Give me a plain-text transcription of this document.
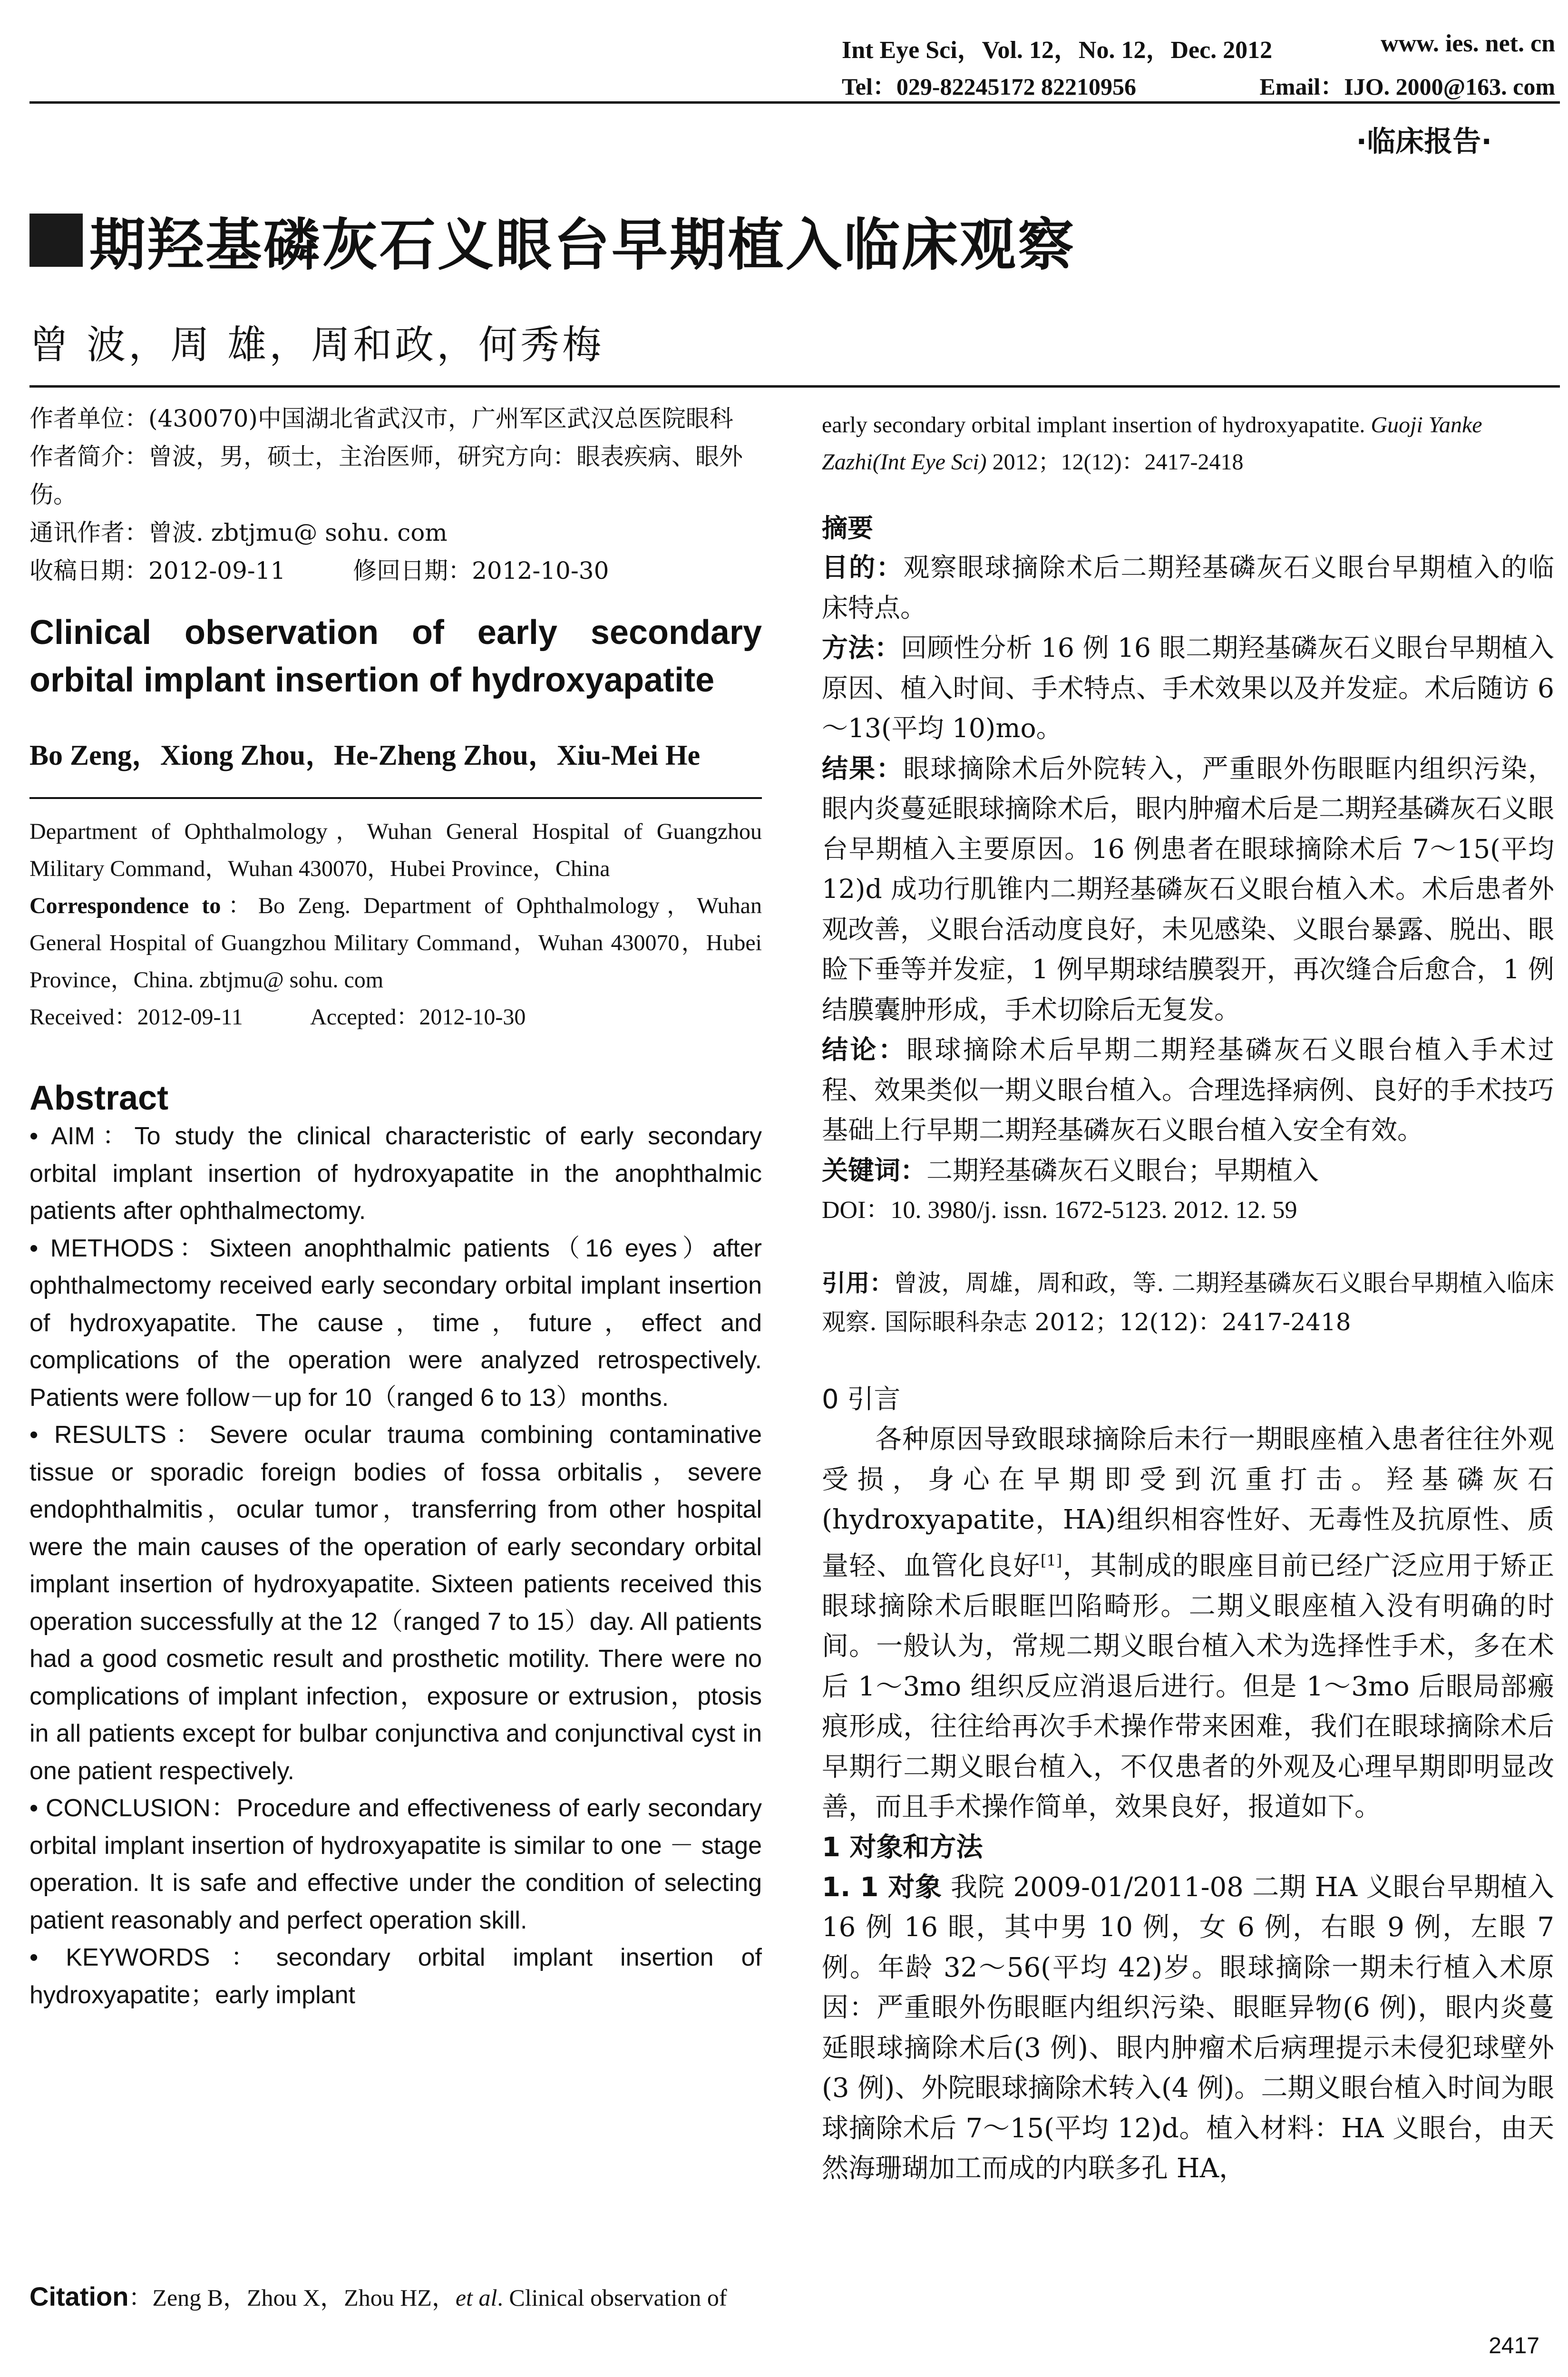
Int Eye Sci，Vol. 12，No. 12，Dec. 2012	www. ies. net. cn
Tel：029-82245172 82210956	Email：IJO. 2000@163. com
·临床报告·
期羟基磷灰石义眼台早期植入临床观察
曾 波，周 雄，周和政，何秀梅

作者单位：(430070)中国湖北省武汉市，广州军区武汉总医院眼科

作者简介：曾波，男，硕士，主治医师，研究方向：眼表疾病、眼外伤。

通讯作者：曾波. zbtjmu@ sohu. com

收稿日期：2012-09-11	修回日期：2012-10-30

Clinical observation of early secondary orbital implant insertion of hydroxyapatite
Bo Zeng，Xiong Zhou，He-Zheng Zhou，Xiu-Mei He
Department of Ophthalmology，Wuhan General Hospital of Guangzhou Military Command，Wuhan 430070，Hubei Province，China
Correspondence to：Bo Zeng. Department of Ophthalmology，Wuhan General Hospital of Guangzhou Military Command，Wuhan 430070，Hubei Province，China. zbtjmu@ sohu. com
Received：2012-09-11	Accepted：2012-10-30
Abstract

• AIM：To study the clinical characteristic of early secondary orbital implant insertion of hydroxyapatite in the anophthalmic patients after ophthalmectomy.

• METHODS：Sixteen anophthalmic patients（16 eyes）after ophthalmectomy received early secondary orbital implant insertion of hydroxyapatite. The cause，time，future，effect and complications of the operation were analyzed retrospectively. Patients were follow－up for 10（ranged 6 to 13）months.

• RESULTS：Severe ocular trauma combining contaminative tissue or sporadic foreign bodies of fossa orbitalis，severe endophthalmitis，ocular tumor，transferring from other hospital were the main causes of the operation of early secondary orbital implant insertion of hydroxyapatite. Sixteen patients received this operation successfully at the 12（ranged 7 to 15）day. All patients had a good cosmetic result and prosthetic motility. There were no complications of implant infection，exposure or extrusion，ptosis in all patients except for bulbar conjunctiva and conjunctival cyst in one patient respectively.

• CONCLUSION：Procedure and effectiveness of early secondary orbital implant insertion of hydroxyapatite is similar to one － stage operation. It is safe and effective under the condition of selecting patient reasonably and perfect operation skill.

• KEYWORDS：secondary orbital implant insertion of hydroxyapatite；early implant

Citation：Zeng B，Zhou X，Zhou HZ，et al. Clinical observation of

early secondary orbital implant insertion of hydroxyapatite. Guoji Yanke Zazhi(Int Eye Sci) 2012；12(12)：2417-2418

摘要

目的：观察眼球摘除术后二期羟基磷灰石义眼台早期植入的临床特点。

方法：回顾性分析 16 例 16 眼二期羟基磷灰石义眼台早期植入原因、植入时间、手术特点、手术效果以及并发症。术后随访 6～13(平均 10)mo。

结果：眼球摘除术后外院转入，严重眼外伤眼眶内组织污染，眼内炎蔓延眼球摘除术后，眼内肿瘤术后是二期羟基磷灰石义眼台早期植入主要原因。16 例患者在眼球摘除术后 7～15(平均 12)d 成功行肌锥内二期羟基磷灰石义眼台植入术。术后患者外观改善，义眼台活动度良好，未见感染、义眼台暴露、脱出、眼睑下垂等并发症，1 例早期球结膜裂开，再次缝合后愈合，1 例结膜囊肿形成，手术切除后无复发。

结论：眼球摘除术后早期二期羟基磷灰石义眼台植入手术过程、效果类似一期义眼台植入。合理选择病例、良好的手术技巧基础上行早期二期羟基磷灰石义眼台植入安全有效。

关键词：二期羟基磷灰石义眼台；早期植入

DOI：10. 3980/j. issn. 1672-5123. 2012. 12. 59

引用：曾波，周雄，周和政，等. 二期羟基磷灰石义眼台早期植入临床观察. 国际眼科杂志 2012；12(12)：2417-2418
0 引言

各种原因导致眼球摘除后未行一期眼座植入患者往往外观受损，身心在早期即受到沉重打击。羟基磷灰石(hydroxyapatite，HA)组织相容性好、无毒性及抗原性、质量轻、血管化良好[1]，其制成的眼座目前已经广泛应用于矫正眼球摘除术后眼眶凹陷畸形。二期义眼座植入没有明确的时间。一般认为，常规二期义眼台植入术为选择性手术，多在术后 1～3mo 组织反应消退后进行。但是 1～3mo 后眼局部瘢痕形成，往往给再次手术操作带来困难，我们在眼球摘除术后早期行二期义眼台植入，不仅患者的外观及心理早期即明显改善，而且手术操作简单，效果良好，报道如下。

1 对象和方法

1. 1 对象 我院 2009-01/2011-08 二期 HA 义眼台早期植入 16 例 16 眼，其中男 10 例，女 6 例，右眼 9 例，左眼 7 例。年龄 32～56(平均 42)岁。眼球摘除一期未行植入术原因：严重眼外伤眼眶内组织污染、眼眶异物(6 例)，眼内炎蔓延眼球摘除术后(3 例)、眼内肿瘤术后病理提示未侵犯球壁外(3 例)、外院眼球摘除术转入(4 例)。二期义眼台植入时间为眼球摘除术后 7～15(平均 12)d。植入材料：HA 义眼台，由天然海珊瑚加工而成的内联多孔 HA，

2417
